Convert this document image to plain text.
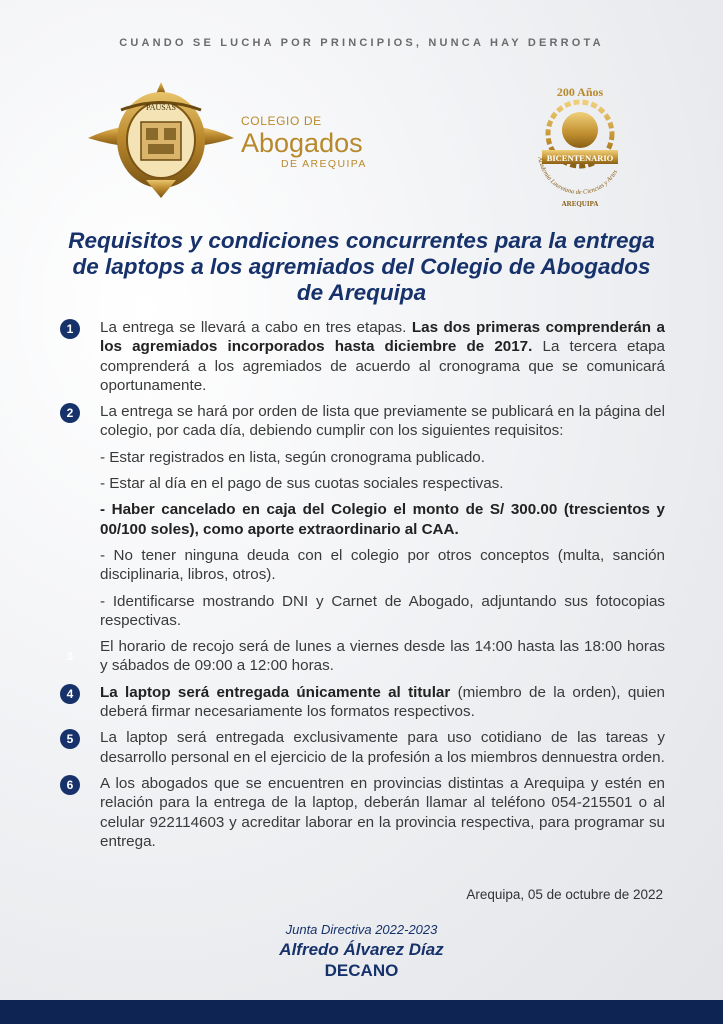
CUANDO SE LUCHA POR PRINCIPIOS, NUNCA HAY DERROTA
PAUSAS
COLEGIO DE
Abogados
DE AREQUIPA
200 Años
BICENTENARIO
Academia Lauretana de Ciencias y Artes
AREQUIPA
Requisitos y condiciones concurrentes para la entrega de laptops a los agremiados del Colegio de Abogados de Arequipa
1	La entrega se llevará a cabo en tres etapas. Las dos primeras comprenderán a los agremiados incorporados hasta diciembre de 2017. La tercera etapa comprenderá a los agremiados de acuerdo al cronograma que se comunicará oportunamente.
2	La entrega se hará por orden de lista que previamente se publicará en la página del colegio, por cada día, debiendo cumplir con los siguientes requisitos:
- Estar registrados en lista, según cronograma publicado.
- Estar al día en el pago de sus cuotas sociales respectivas.
- Haber cancelado en caja del Colegio el monto de S/ 300.00 (trescientos y 00/100 soles), como aporte extraordinario al CAA.
- No tener ninguna deuda con el colegio por otros conceptos (multa, sanción disciplinaria, libros, otros).
- Identificarse mostrando DNI y Carnet de Abogado, adjuntando sus fotocopias respectivas.
3
El horario de recojo será de lunes a viernes desde las 14:00 hasta las 18:00 horas y sábados de 09:00 a 12:00 horas.
4	La laptop será entregada únicamente al titular (miembro de la orden), quien deberá firmar necesariamente los formatos respectivos.
5	La laptop será entregada exclusivamente para uso cotidiano de las tareas y desarrollo personal en el ejercicio de la profesión a los miembros dennuestra orden.
6	A los abogados que se encuentren en provincias distintas a Arequipa y estén en relación para la entrega de la laptop, deberán llamar al teléfono 054-215501 o al celular 922114603 y acreditar laborar en la provincia respectiva, para programar su entrega.
Arequipa, 05 de octubre de 2022
Junta Directiva 2022-2023
Alfredo Álvarez Díaz
DECANO
